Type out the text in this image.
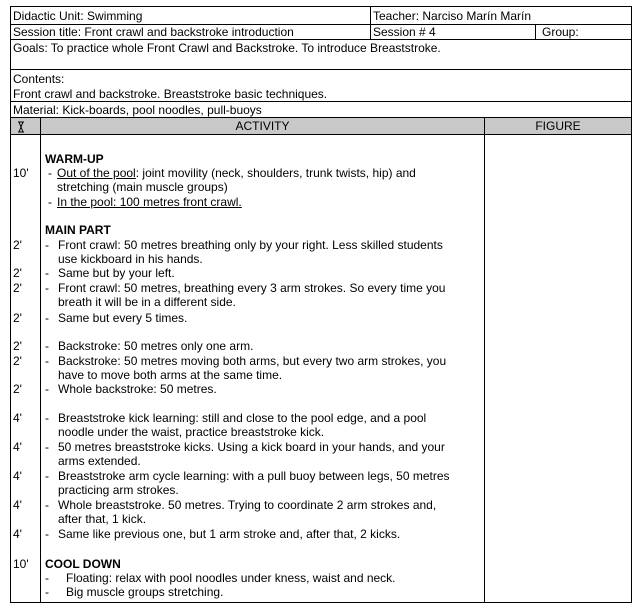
Didactic Unit: Swimming	Teacher: Narciso Marín Marín
Session title: Front crawl and backstroke introduction	Session # 4	Group:
Goals: To practice whole Front Crawl and Backstroke. To introduce Breaststroke.
Contents:
Front crawl and backstroke. Breaststroke basic techniques.
Material: Kick-boards, pool noodles, pull-buoys
ACTIVITY	FIGURE
WARM-UP
10' - Out of the pool: joint movility (neck, shoulders, trunk twists, hip) and
stretching (main muscle groups)
- In the pool: 100 metres front crawl.
MAIN PART
2' - Front crawl: 50 metres breathing only by your right. Less skilled students
use kickboard in his hands.
2' - Same but by your left.
2' - Front crawl: 50 metres, breathing every 3 arm strokes. So every time you
breath it will be in a different side.
2' - Same but every 5 times.
2' - Backstroke: 50 metres only one arm.
2' - Backstroke: 50 metres moving both arms, but every two arm strokes, you
have to move both arms at the same time.
2' - Whole backstroke: 50 metres.
4' - Breaststroke kick learning: still and close to the pool edge, and a pool
noodle under the waist, practice breaststroke kick.
4' - 50 metres breaststroke kicks. Using a kick board in your hands, and your
arms extended.
4' - Breaststroke arm cycle learning: with a pull buoy between legs, 50 metres
practicing arm strokes.
4' - Whole breaststroke. 50 metres. Trying to coordinate 2 arm strokes and,
after that, 1 kick.
4' - Same like previous one, but 1 arm stroke and, after that, 2 kicks.
10' COOL DOWN
- Floating: relax with pool noodles under kness, waist and neck.
- Big muscle groups stretching.
